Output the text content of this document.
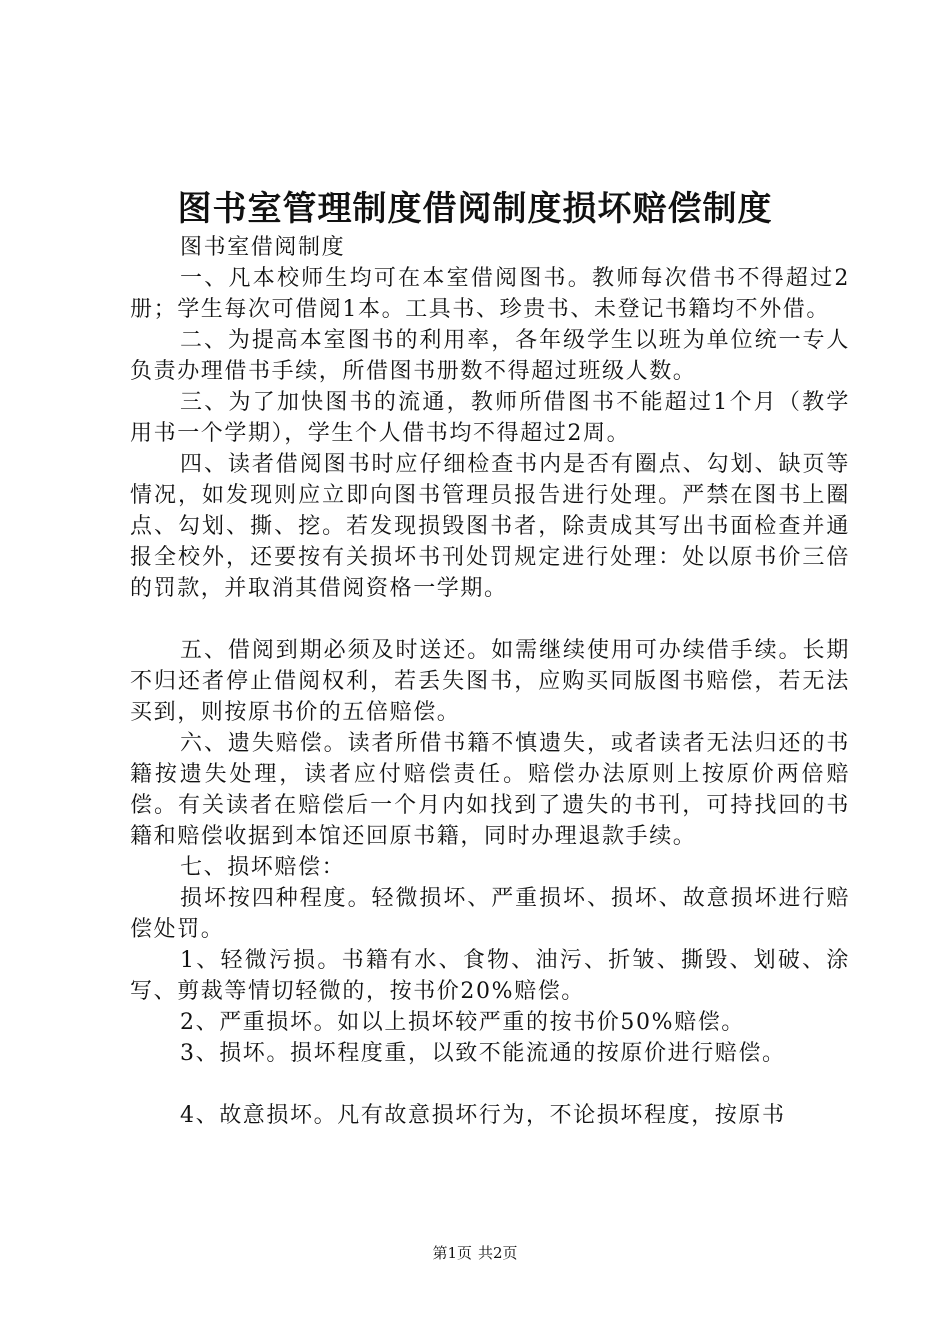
图书室管理制度借阅制度损坏赔偿制度

图书室借阅制度

一、凡本校师生均可在本室借阅图书。教师每次借书不得超过2册；学生每次可借阅1本。工具书、珍贵书、未登记书籍均不外借。

二、为提高本室图书的利用率，各年级学生以班为单位统一专人负责办理借书手续，所借图书册数不得超过班级人数。

三、为了加快图书的流通，教师所借图书不能超过1个月（教学用书一个学期），学生个人借书均不得超过2周。

四、读者借阅图书时应仔细检查书内是否有圈点、勾划、缺页等情况，如发现则应立即向图书管理员报告进行处理。严禁在图书上圈点、勾划、撕、挖。若发现损毁图书者，除责成其写出书面检查并通报全校外，还要按有关损坏书刊处罚规定进行处理：处以原书价三倍的罚款，并取消其借阅资格一学期。

五、借阅到期必须及时送还。如需继续使用可办续借手续。长期不归还者停止借阅权利，若丢失图书，应购买同版图书赔偿，若无法买到，则按原书价的五倍赔偿。

六、遗失赔偿。读者所借书籍不慎遗失，或者读者无法归还的书籍按遗失处理，读者应付赔偿责任。赔偿办法原则上按原价两倍赔偿。有关读者在赔偿后一个月内如找到了遗失的书刊，可持找回的书籍和赔偿收据到本馆还回原书籍，同时办理退款手续。

七、损坏赔偿：

损坏按四种程度。轻微损坏、严重损坏、损坏、故意损坏进行赔偿处罚。

1、轻微污损。书籍有水、食物、油污、折皱、撕毁、划破、涂写、剪裁等情切轻微的，按书价20%赔偿。

2、严重损坏。如以上损坏较严重的按书价50%赔偿。

3、损坏。损坏程度重，以致不能流通的按原价进行赔偿。

4、故意损坏。凡有故意损坏行为，不论损坏程度，按原书

第1页 共2页
